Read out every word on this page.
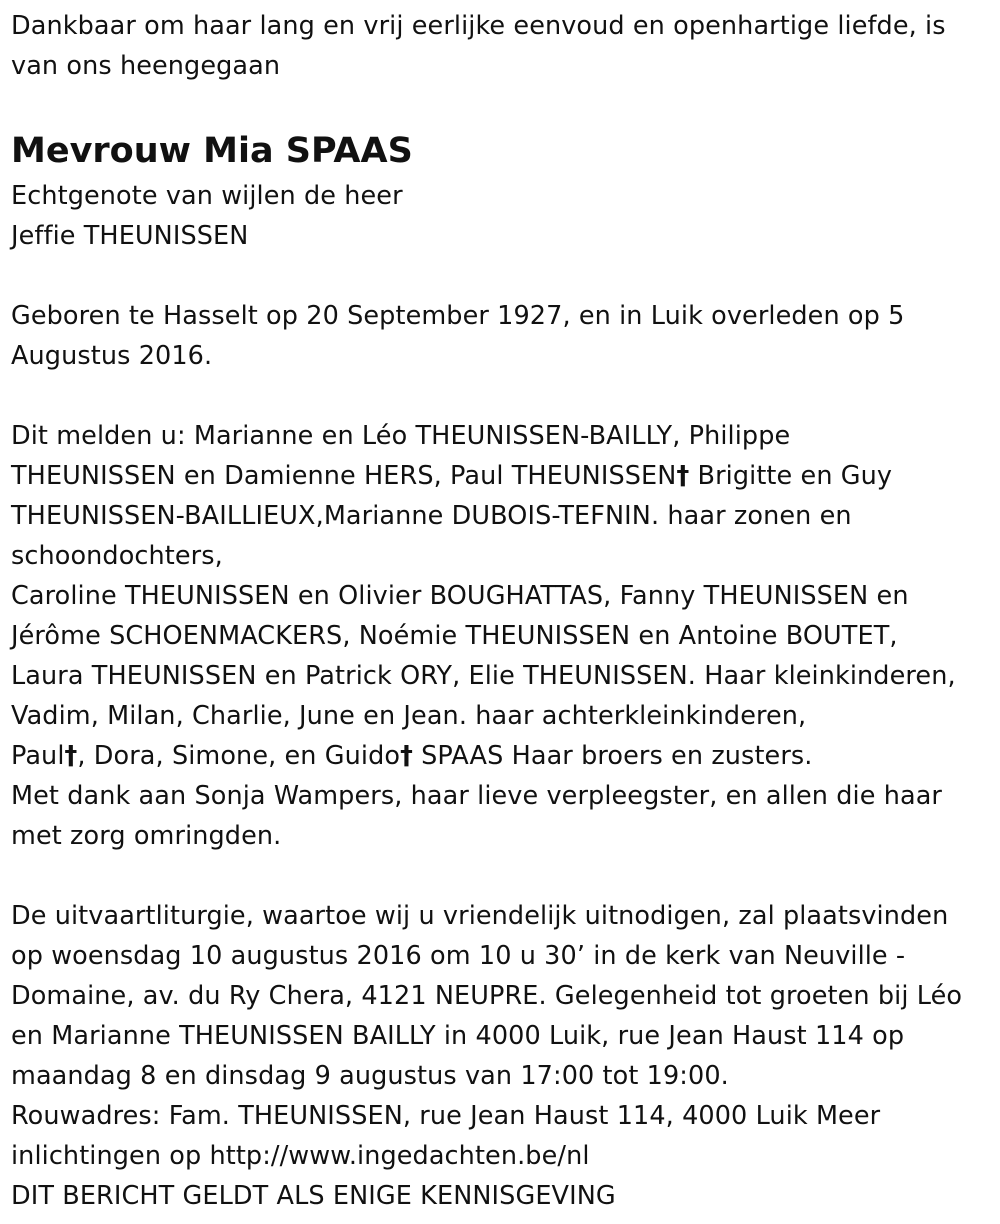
Dankbaar om haar lang en vrij eerlijke eenvoud en openhartige liefde, is
van ons heengegaan

Mevrouw Mia SPAAS

Echtgenote van wijlen de heer
Jeffie THEUNISSEN

Geboren te Hasselt op 20 September 1927, en in Luik overleden op 5
Augustus 2016.

Dit melden u: Marianne en Léo THEUNISSEN-BAILLY, Philippe
THEUNISSEN en Damienne HERS, Paul THEUNISSEN† Brigitte en Guy
THEUNISSEN-BAILLIEUX,Marianne DUBOIS-TEFNIN. haar zonen en
schoondochters,
Caroline THEUNISSEN en Olivier BOUGHATTAS, Fanny THEUNISSEN en
Jérôme SCHOENMACKERS, Noémie THEUNISSEN en Antoine BOUTET,
Laura THEUNISSEN en Patrick ORY, Elie THEUNISSEN. Haar kleinkinderen,
Vadim, Milan, Charlie, June en Jean. haar achterkleinkinderen,
Paul†, Dora, Simone, en Guido† SPAAS Haar broers en zusters.
Met dank aan Sonja Wampers, haar lieve verpleegster, en allen die haar
met zorg omringden.

De uitvaartliturgie, waartoe wij u vriendelijk uitnodigen, zal plaatsvinden
op woensdag 10 augustus 2016 om 10 u 30’ in de kerk van Neuville -
Domaine, av. du Ry Chera, 4121 NEUPRE. Gelegenheid tot groeten bij Léo
en Marianne THEUNISSEN BAILLY in 4000 Luik, rue Jean Haust 114 op
maandag 8 en dinsdag 9 augustus van 17:00 tot 19:00.
Rouwadres: Fam. THEUNISSEN, rue Jean Haust 114, 4000 Luik Meer
inlichtingen op http://www.ingedachten.be/nl
DIT BERICHT GELDT ALS ENIGE KENNISGEVING
